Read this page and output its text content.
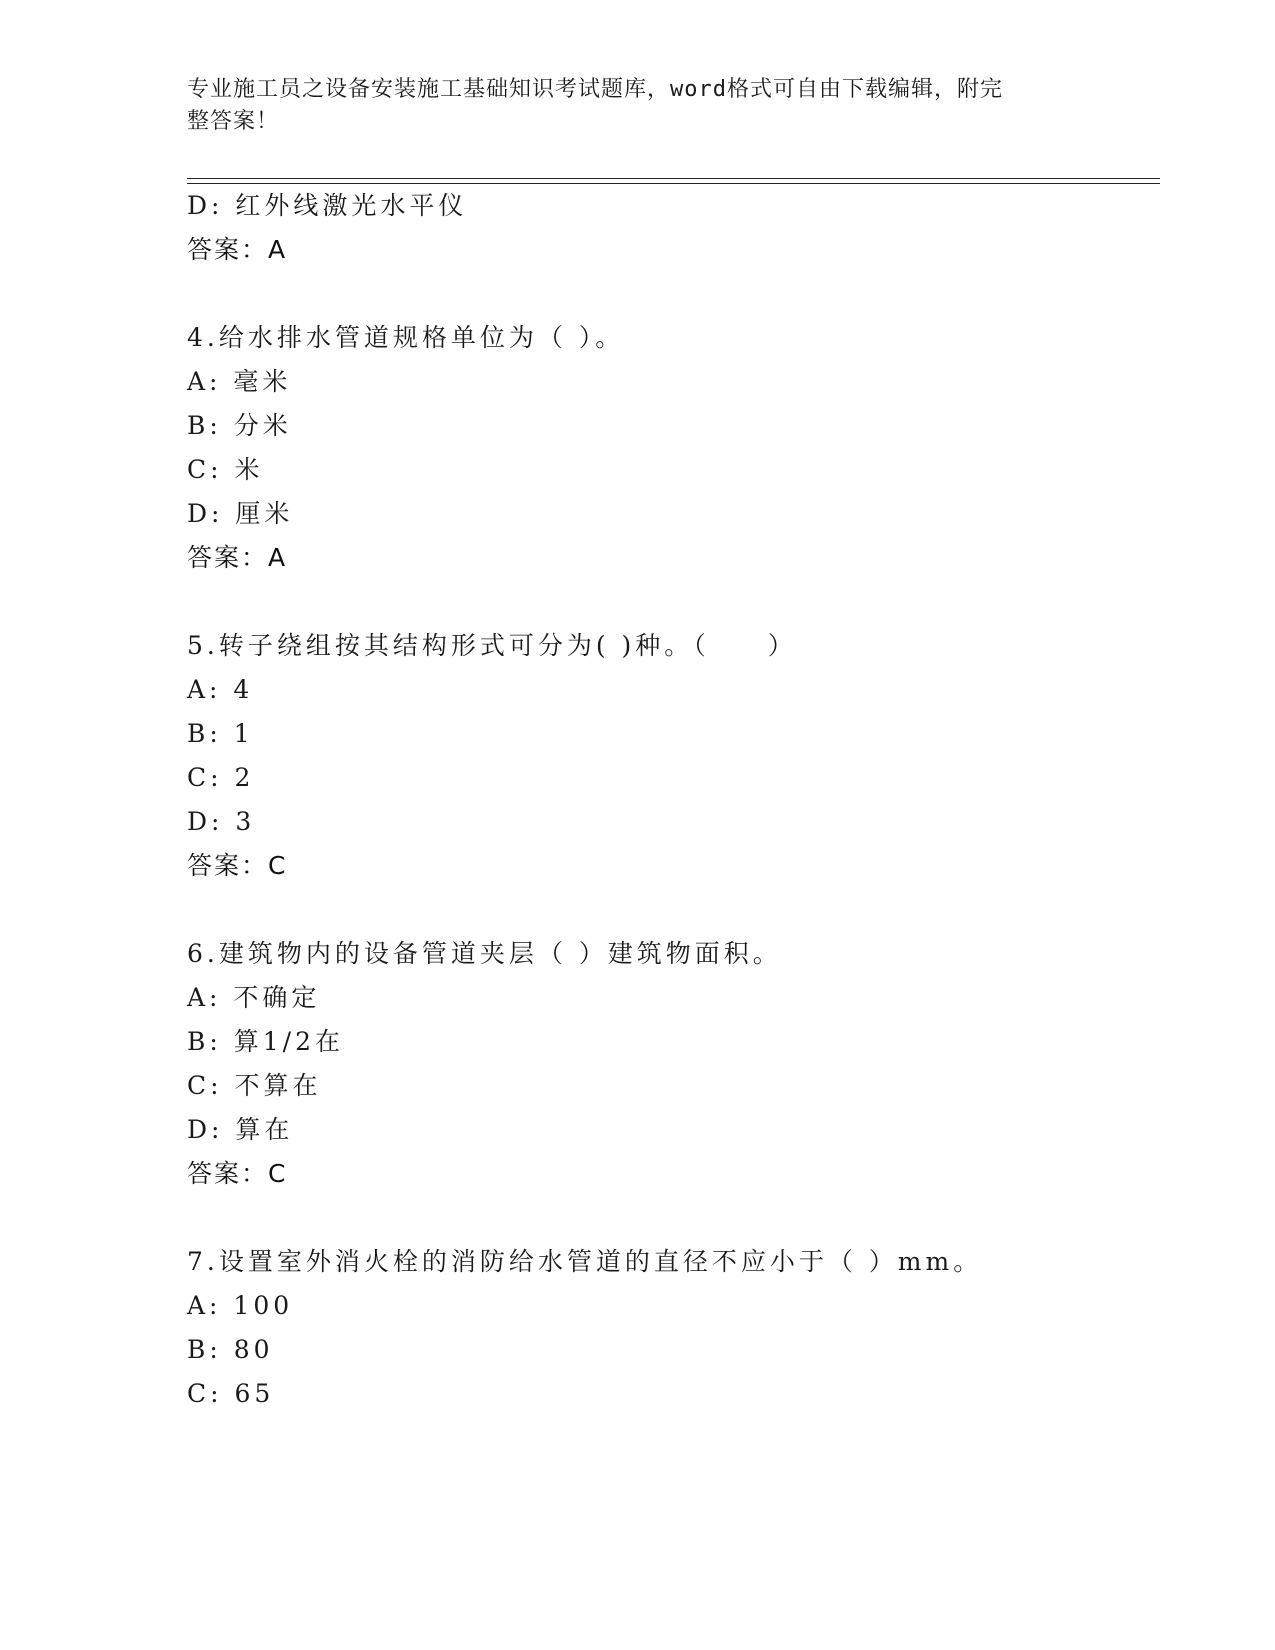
专业施工员之设备安装施工基础知识考试题库，word格式可自由下载编辑，附完
整答案！
D: 红外线激光水平仪
答案：A
4.给水排水管道规格单位为（ ）。
A: 毫米
B: 分米
C: 米
D: 厘米
答案：A
5.转子绕组按其结构形式可分为( )种。（　　）
A: 4
B: 1
C: 2
D: 3
答案：C
6.建筑物内的设备管道夹层（ ）建筑物面积。
A: 不确定
B: 算1/2在
C: 不算在
D: 算在
答案：C
7.设置室外消火栓的消防给水管道的直径不应小于（ ）mm。
A: 100
B: 80
C: 65
